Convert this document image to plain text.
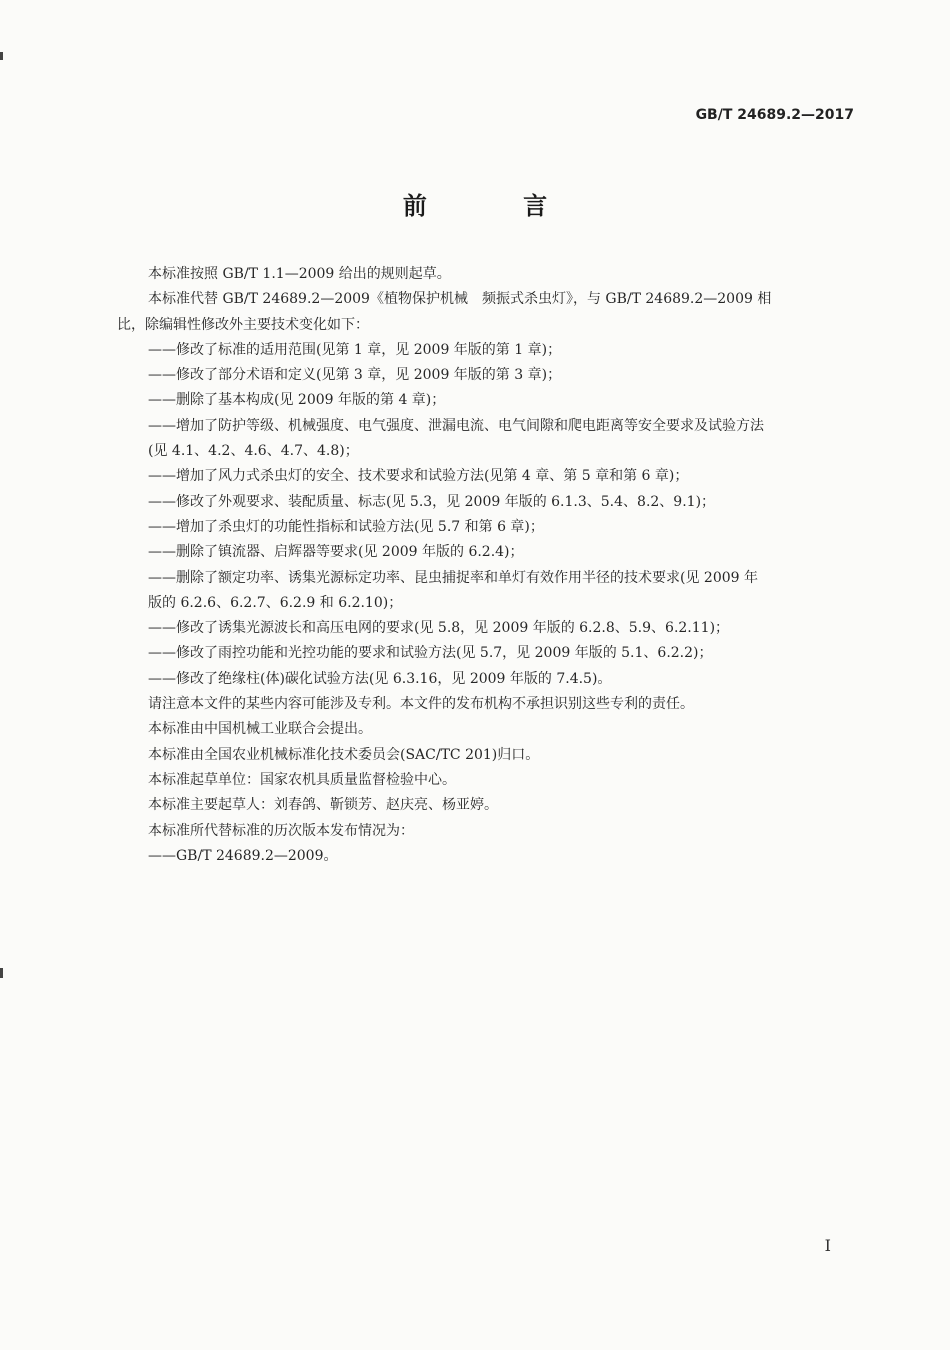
GB/T 24689.2—2017
前 言

本标准按照 GB/T 1.1—2009 给出的规则起草。

本标准代替 GB/T 24689.2—2009《植物保护机械　频振式杀虫灯》，与 GB/T 24689.2—2009 相

比，除编辑性修改外主要技术变化如下：

——修改了标准的适用范围(见第 1 章，见 2009 年版的第 1 章)；

——修改了部分术语和定义(见第 3 章，见 2009 年版的第 3 章)；

——删除了基本构成(见 2009 年版的第 4 章)；

——增加了防护等级、机械强度、电气强度、泄漏电流、电气间隙和爬电距离等安全要求及试验方法

(见 4.1、4.2、4.6、4.7、4.8)；

——增加了风力式杀虫灯的安全、技术要求和试验方法(见第 4 章、第 5 章和第 6 章)；

——修改了外观要求、装配质量、标志(见 5.3，见 2009 年版的 6.1.3、5.4、8.2、9.1)；

——增加了杀虫灯的功能性指标和试验方法(见 5.7 和第 6 章)；

——删除了镇流器、启辉器等要求(见 2009 年版的 6.2.4)；

——删除了额定功率、诱集光源标定功率、昆虫捕捉率和单灯有效作用半径的技术要求(见 2009 年

版的 6.2.6、6.2.7、6.2.9 和 6.2.10)；

——修改了诱集光源波长和高压电网的要求(见 5.8，见 2009 年版的 6.2.8、5.9、6.2.11)；

——修改了雨控功能和光控功能的要求和试验方法(见 5.7，见 2009 年版的 5.1、6.2.2)；

——修改了绝缘柱(体)碳化试验方法(见 6.3.16，见 2009 年版的 7.4.5)。

请注意本文件的某些内容可能涉及专利。本文件的发布机构不承担识别这些专利的责任。

本标准由中国机械工业联合会提出。

本标准由全国农业机械标准化技术委员会(SAC/TC 201)归口。

本标准起草单位：国家农机具质量监督检验中心。

本标准主要起草人：刘春鸽、靳锁芳、赵庆亮、杨亚婷。

本标准所代替标准的历次版本发布情况为：

——GB/T 24689.2—2009。

I
